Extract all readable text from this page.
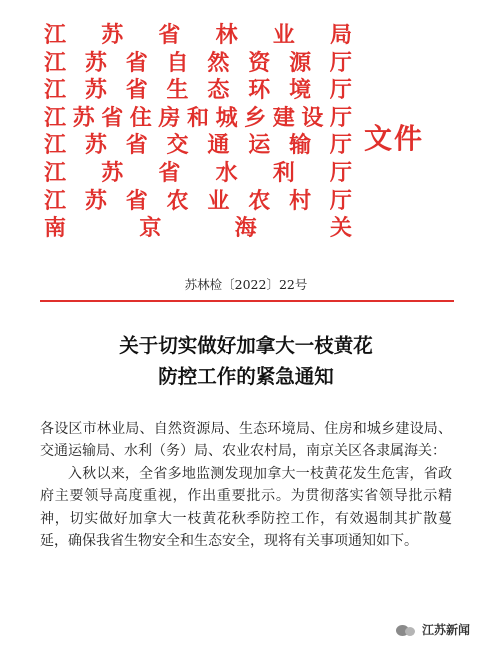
江 苏 省 林 业 局
江 苏 省 自 然 资 源 厅
江 苏 省 生 态 环 境 厅
江 苏 省 住 房 和 城 乡 建 设 厅
江 苏 省 交 通 运 输 厅
江 苏 省 水 利 厅
江 苏 省 农 业 农 村 厅
南	京	海	关
文件
苏林检〔2022〕22号
关于切实做好加拿大一枝黄花
防控工作的紧急通知

各设区市林业局、自然资源局、生态环境局、住房和城乡建设局、交通运输局、水利（务）局、农业农村局，南京关区各隶属海关：

入秋以来，全省多地监测发现加拿大一枝黄花发生危害，省政府主要领导高度重视，作出重要批示。为贯彻落实省领导批示精神，切实做好加拿大一枝黄花秋季防控工作，有效遏制其扩散蔓延，确保我省生物安全和生态安全，现将有关事项通知如下。

江苏新闻
